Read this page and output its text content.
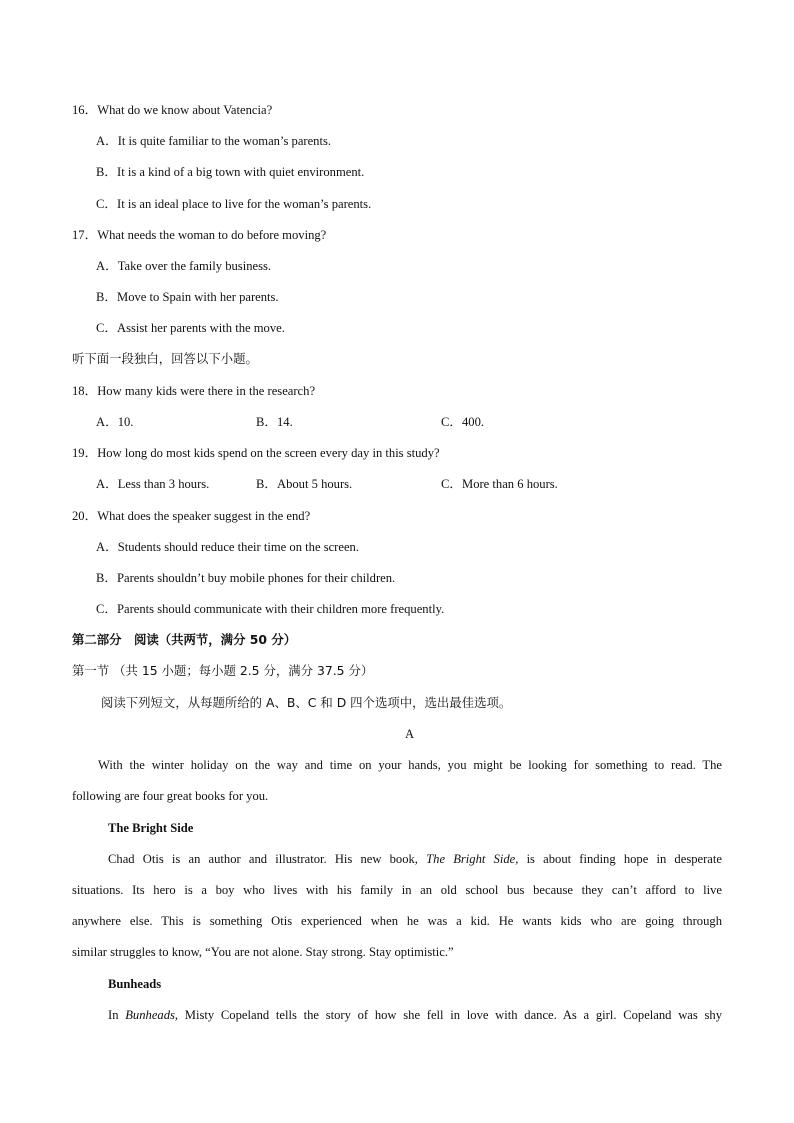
16．What do we know about Vatencia?
A．It is quite familiar to the woman’s parents.
B．It is a kind of a big town with quiet environment.
C．It is an ideal place to live for the woman’s parents.
17．What needs the woman to do before moving?
A．Take over the family business.
B．Move to Spain with her parents.
C．Assist her parents with the move.
听下面一段独白，回答以下小题。
18．How many kids were there in the research?
A．10.	B．14.	C．400.
19．How long do most kids spend on the screen every day in this study?
A．Less than 3 hours.	B．About 5 hours.	C．More than 6 hours.
20．What does the speaker suggest in the end?
A．Students should reduce their time on the screen.
B．Parents shouldn’t buy mobile phones for their children.
C．Parents should communicate with their children more frequently.
第二部分　阅读（共两节，满分 50 分）
第一节 （共 15 小题；每小题 2.5 分，满分 37.5 分）
阅读下列短文，从每题所给的 A、B、C 和 D 四个选项中，选出最佳选项。
A
With the winter holiday on the way and time on your hands, you might be looking for something to read. The
following are four great books for you.
The Bright Side
Chad Otis is an author and illustrator. His new book, The Bright Side, is about finding hope in desperate
situations. Its hero is a boy who lives with his family in an old school bus because they can’t afford to live
anywhere else. This is something Otis experienced when he was a kid. He wants kids who are going through
similar struggles to know, “You are not alone. Stay strong. Stay optimistic.”
Bunheads
In Bunheads, Misty Copeland tells the story of how she fell in love with dance. As a girl. Copeland was shy
